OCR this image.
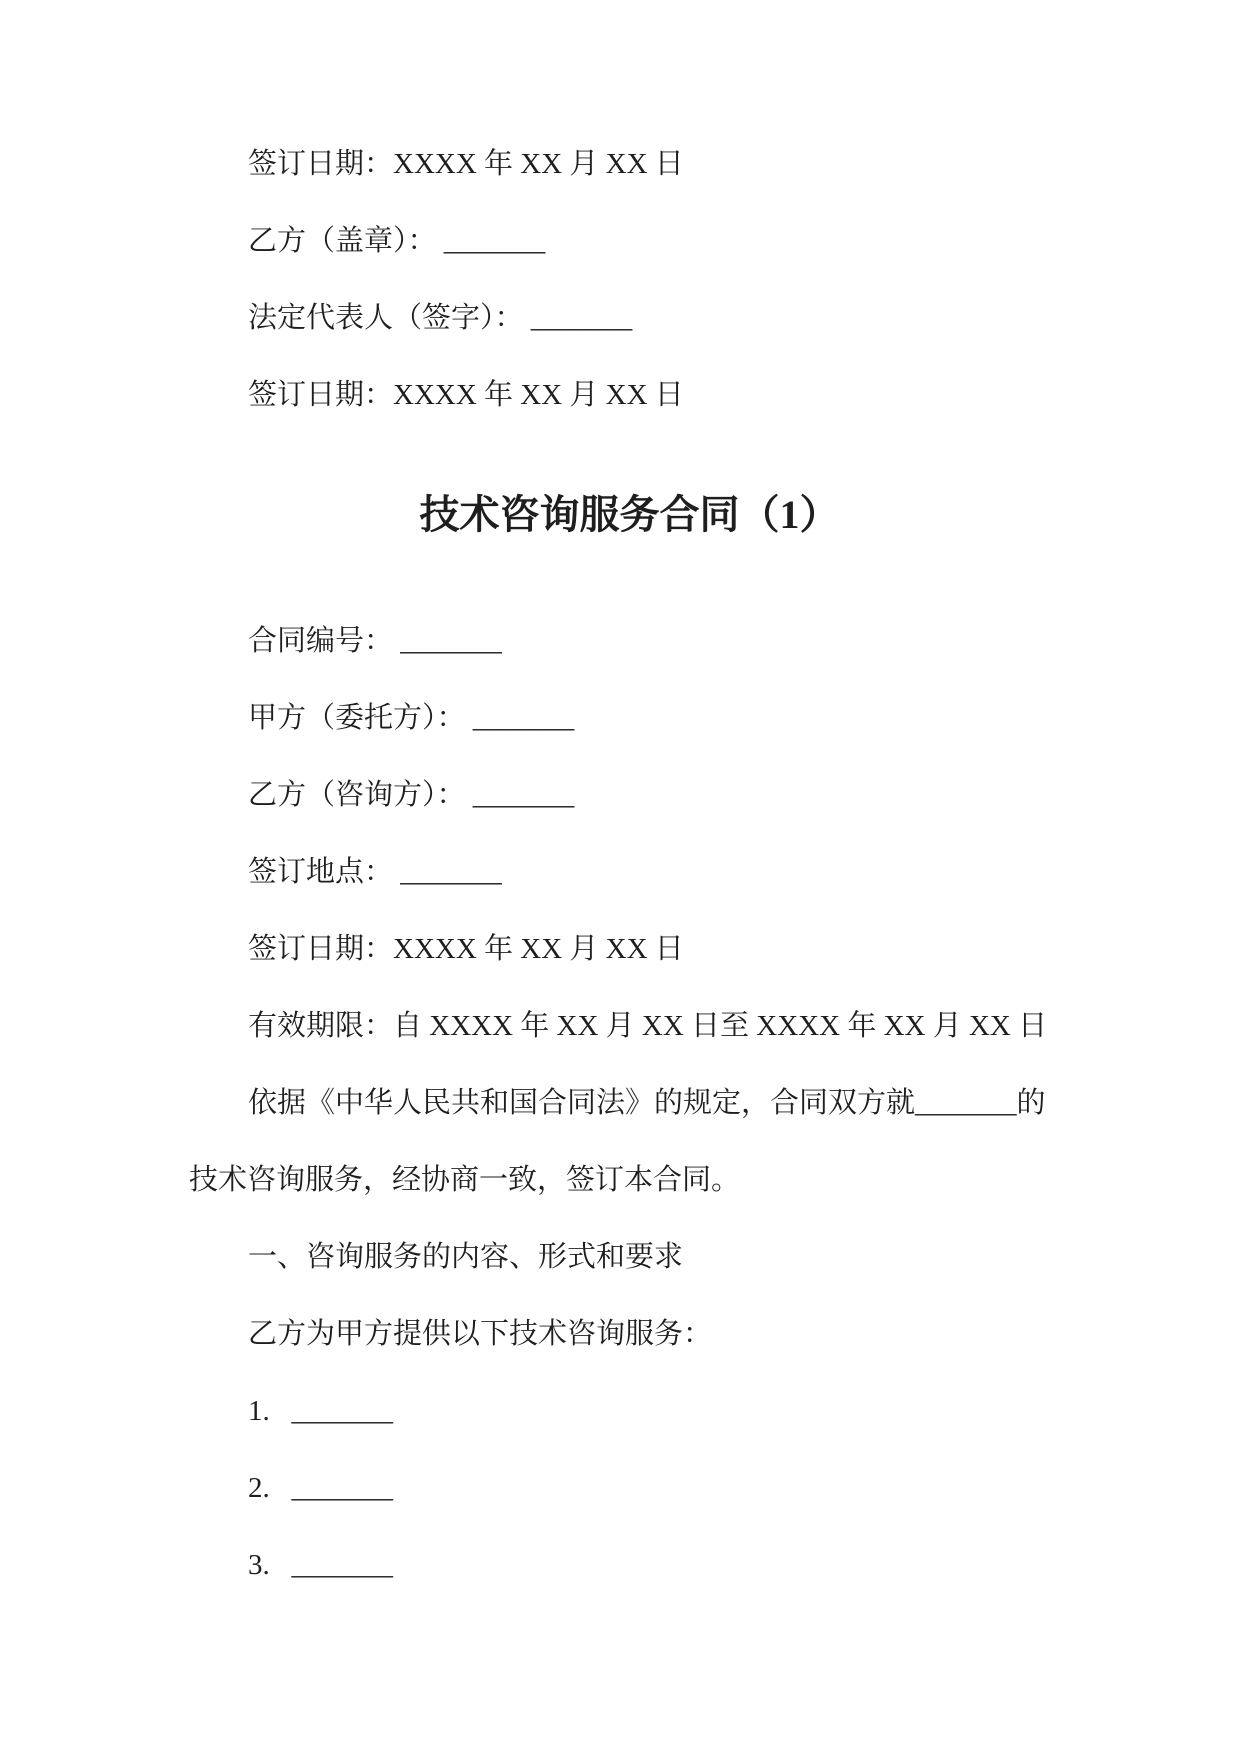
签订日期：XXXX 年 XX 月 XX 日
乙方（盖章）： _______
法定代表人（签字）： _______
签订日期：XXXX 年 XX 月 XX 日
技术咨询服务合同（1）
合同编号： _______
甲方（委托方）： _______
乙方（咨询方）： _______
签订地点： _______
签订日期：XXXX 年 XX 月 XX 日
有效期限：自 XXXX 年 XX 月 XX 日至 XXXX 年 XX 月 XX 日
依据《中华人民共和国合同法》的规定，合同双方就_______的
技术咨询服务，经协商一致，签订本合同。
一、咨询服务的内容、形式和要求
乙方为甲方提供以下技术咨询服务：
1.   _______
2.   _______
3.   _______
